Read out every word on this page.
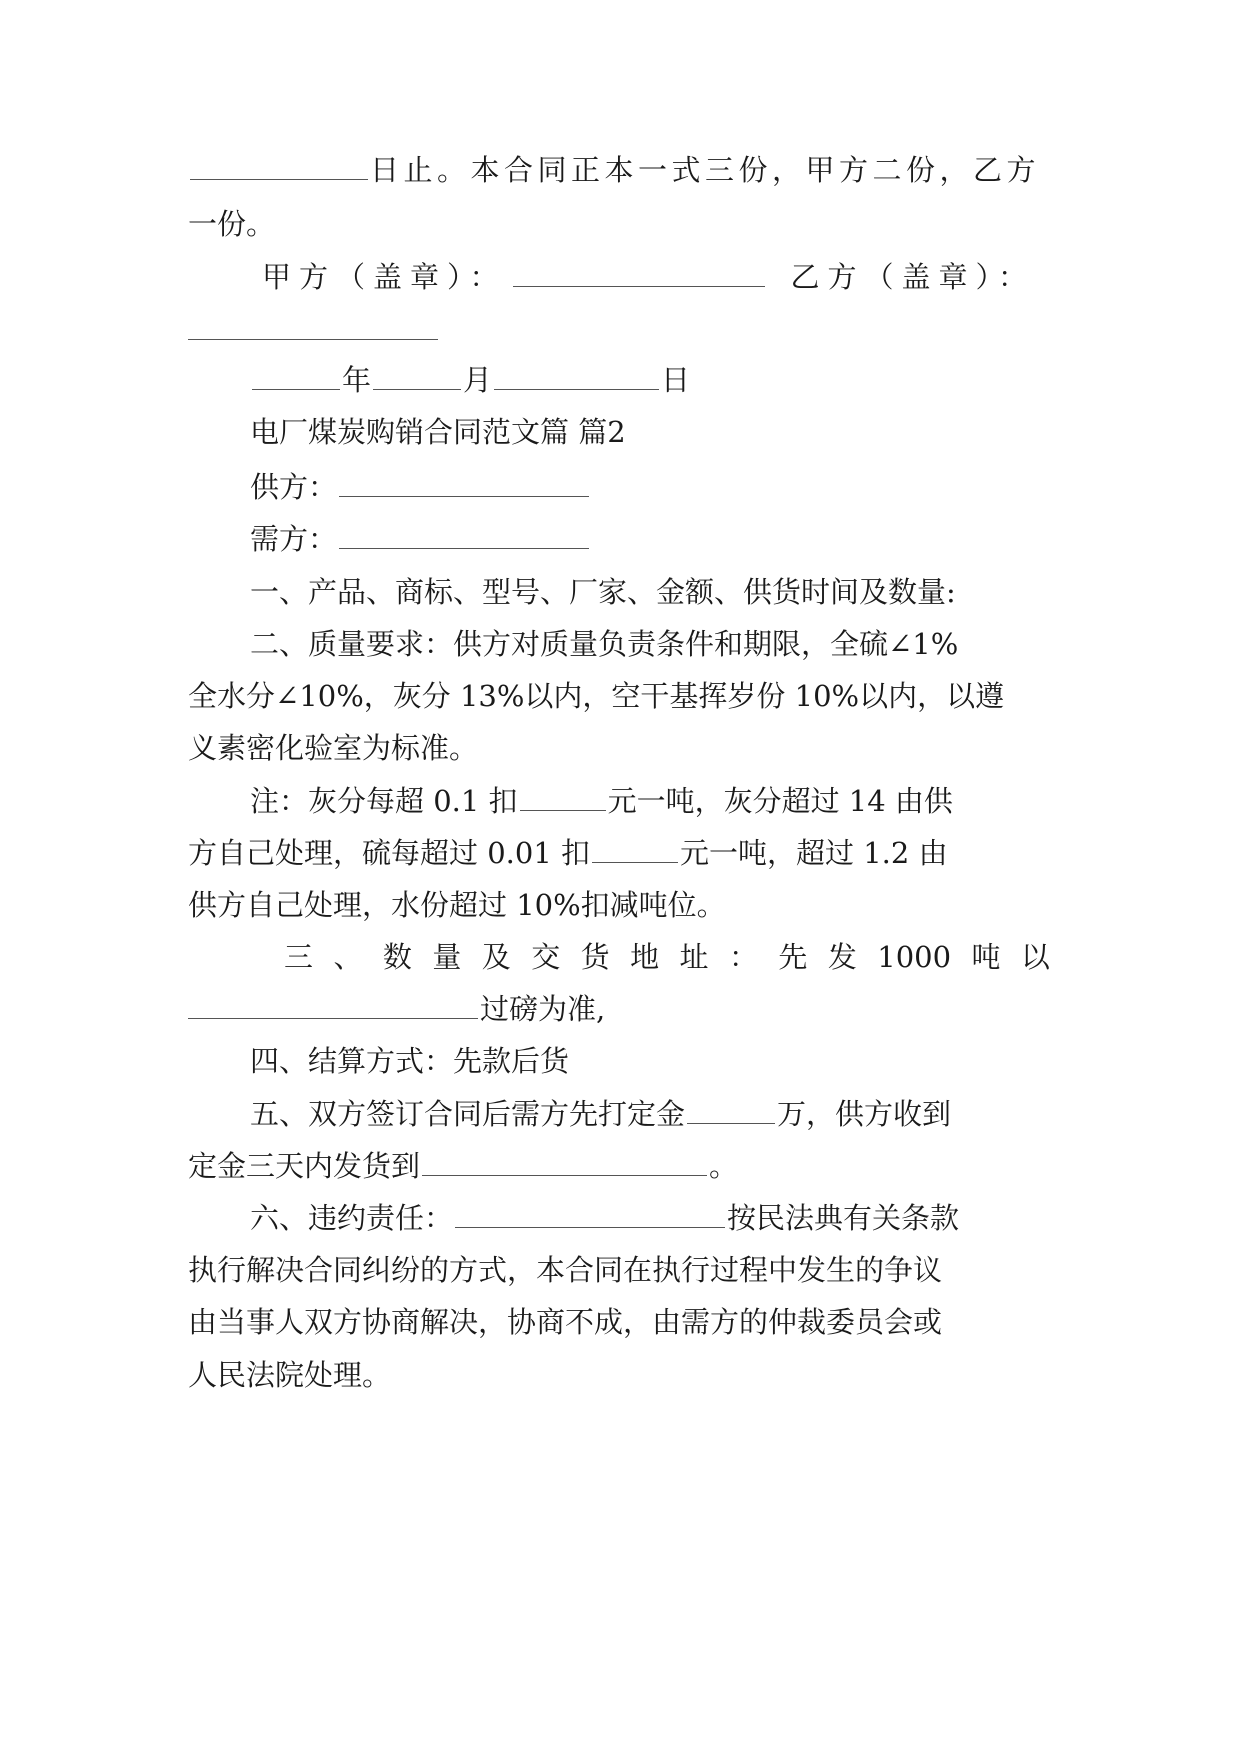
日止。本合同正本一式三份，甲方二份，乙方
一份。
甲方（盖章）：	乙方（盖章）：
年	月	日
电厂煤炭购销合同范文篇 篇2
供方：
需方：
一、产品、商标、型号、厂家、金额、供货时间及数量:
二、质量要求：供方对质量负责条件和期限，全硫∠1%
全水分∠10%，灰分 13%以内，空干基挥岁份 10%以内，以遵
义素密化验室为标准。
注：灰分每超 0.1 扣	元一吨，灰分超过 14 由供
方自己处理，硫每超过 0.01 扣	元一吨，超过 1.2 由
供方自己处理，水份超过 10%扣减吨位。
三 、 数 量 及 交 货 地 址 ： 先 发 1000 吨 以
过磅为准,
四、结算方式：先款后货
五、双方签订合同后需方先打定金	万，供方收到
定金三天内发货到	。
六、违约责任：	按民法典有关条款
执行解决合同纠纷的方式，本合同在执行过程中发生的争议
由当事人双方协商解决，协商不成，由需方的仲裁委员会或
人民法院处理。
